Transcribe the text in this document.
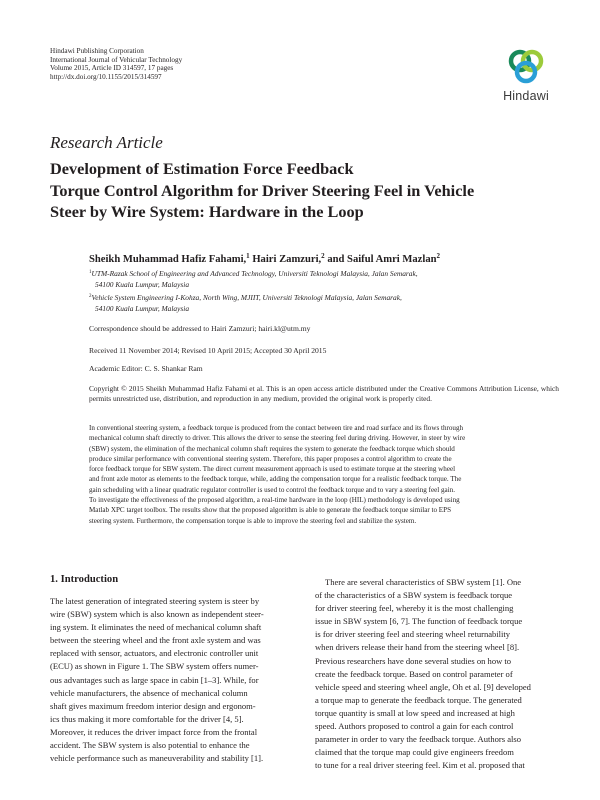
Hindawi Publishing Corporation
International Journal of Vehicular Technology
Volume 2015, Article ID 314597, 17 pages
http://dx.doi.org/10.1155/2015/314597
Hindawi
Research Article
Development of Estimation Force Feedback
Torque Control Algorithm for Driver Steering Feel in Vehicle
Steer by Wire System: Hardware in the Loop
Sheikh Muhammad Hafiz Fahami,$^1$ Hairi Zamzuri,$^2$ and Saiful Amri Mazlan$^2$
$^1$UTM-Razak School of Engineering and Advanced Technology, Universiti Teknologi Malaysia, Jalan Semarak,
54100 Kuala Lumpur, Malaysia
$^2$Vehicle System Engineering I-Kohza, North Wing, MJIIT, Universiti Teknologi Malaysia, Jalan Semarak,
54100 Kuala Lumpur, Malaysia
Correspondence should be addressed to Hairi Zamzuri; hairi.kl@utm.my
Received 11 November 2014; Revised 10 April 2015; Accepted 30 April 2015
Academic Editor: C. S. Shankar Ram
Copyright © 2015 Sheikh Muhammad Hafiz Fahami et al. This is an open access article distributed under the Creative Commons Attribution License, which permits unrestricted use, distribution, and reproduction in any medium, provided the original work is properly cited.
In conventional steering system, a feedback torque is produced from the contact between tire and road surface and its flows through
mechanical column shaft directly to driver. This allows the driver to sense the steering feel during driving. However, in steer by wire
(SBW) system, the elimination of the mechanical column shaft requires the system to generate the feedback torque which should
produce similar performance with conventional steering system. Therefore, this paper proposes a control algorithm to create the
force feedback torque for SBW system. The direct current measurement approach is used to estimate torque at the steering wheel
and front axle motor as elements to the feedback torque, while, adding the compensation torque for a realistic feedback torque. The
gain scheduling with a linear quadratic regulator controller is used to control the feedback torque and to vary a steering feel gain.
To investigate the effectiveness of the proposed algorithm, a real-time hardware in the loop (HIL) methodology is developed using
Matlab XPC target toolbox. The results show that the proposed algorithm is able to generate the feedback torque similar to EPS
steering system. Furthermore, the compensation torque is able to improve the steering feel and stabilize the system.
1. Introduction
The latest generation of integrated steering system is steer by
wire (SBW) system which is also known as independent steer-
ing system. It eliminates the need of mechanical column shaft
between the steering wheel and the front axle system and was
replaced with sensor, actuators, and electronic controller unit
(ECU) as shown in Figure 1. The SBW system offers numer-
ous advantages such as large space in cabin [1–3]. While, for
vehicle manufacturers, the absence of mechanical column
shaft gives maximum freedom interior design and ergonom-
ics thus making it more comfortable for the driver [4, 5].
Moreover, it reduces the driver impact force from the frontal
accident. The SBW system is also potential to enhance the
vehicle performance such as maneuverability and stability [1].
There are several characteristics of SBW system [1]. One
of the characteristics of a SBW system is feedback torque
for driver steering feel, whereby it is the most challenging
issue in SBW system [6, 7]. The function of feedback torque
is for driver steering feel and steering wheel returnability
when drivers release their hand from the steering wheel [8].
Previous researchers have done several studies on how to
create the feedback torque. Based on control parameter of
vehicle speed and steering wheel angle, Oh et al. [9] developed
a torque map to generate the feedback torque. The generated
torque quantity is small at low speed and increased at high
speed. Authors proposed to control a gain for each control
parameter in order to vary the feedback torque. Authors also
claimed that the torque map could give engineers freedom
to tune for a real driver steering feel. Kim et al. proposed that
